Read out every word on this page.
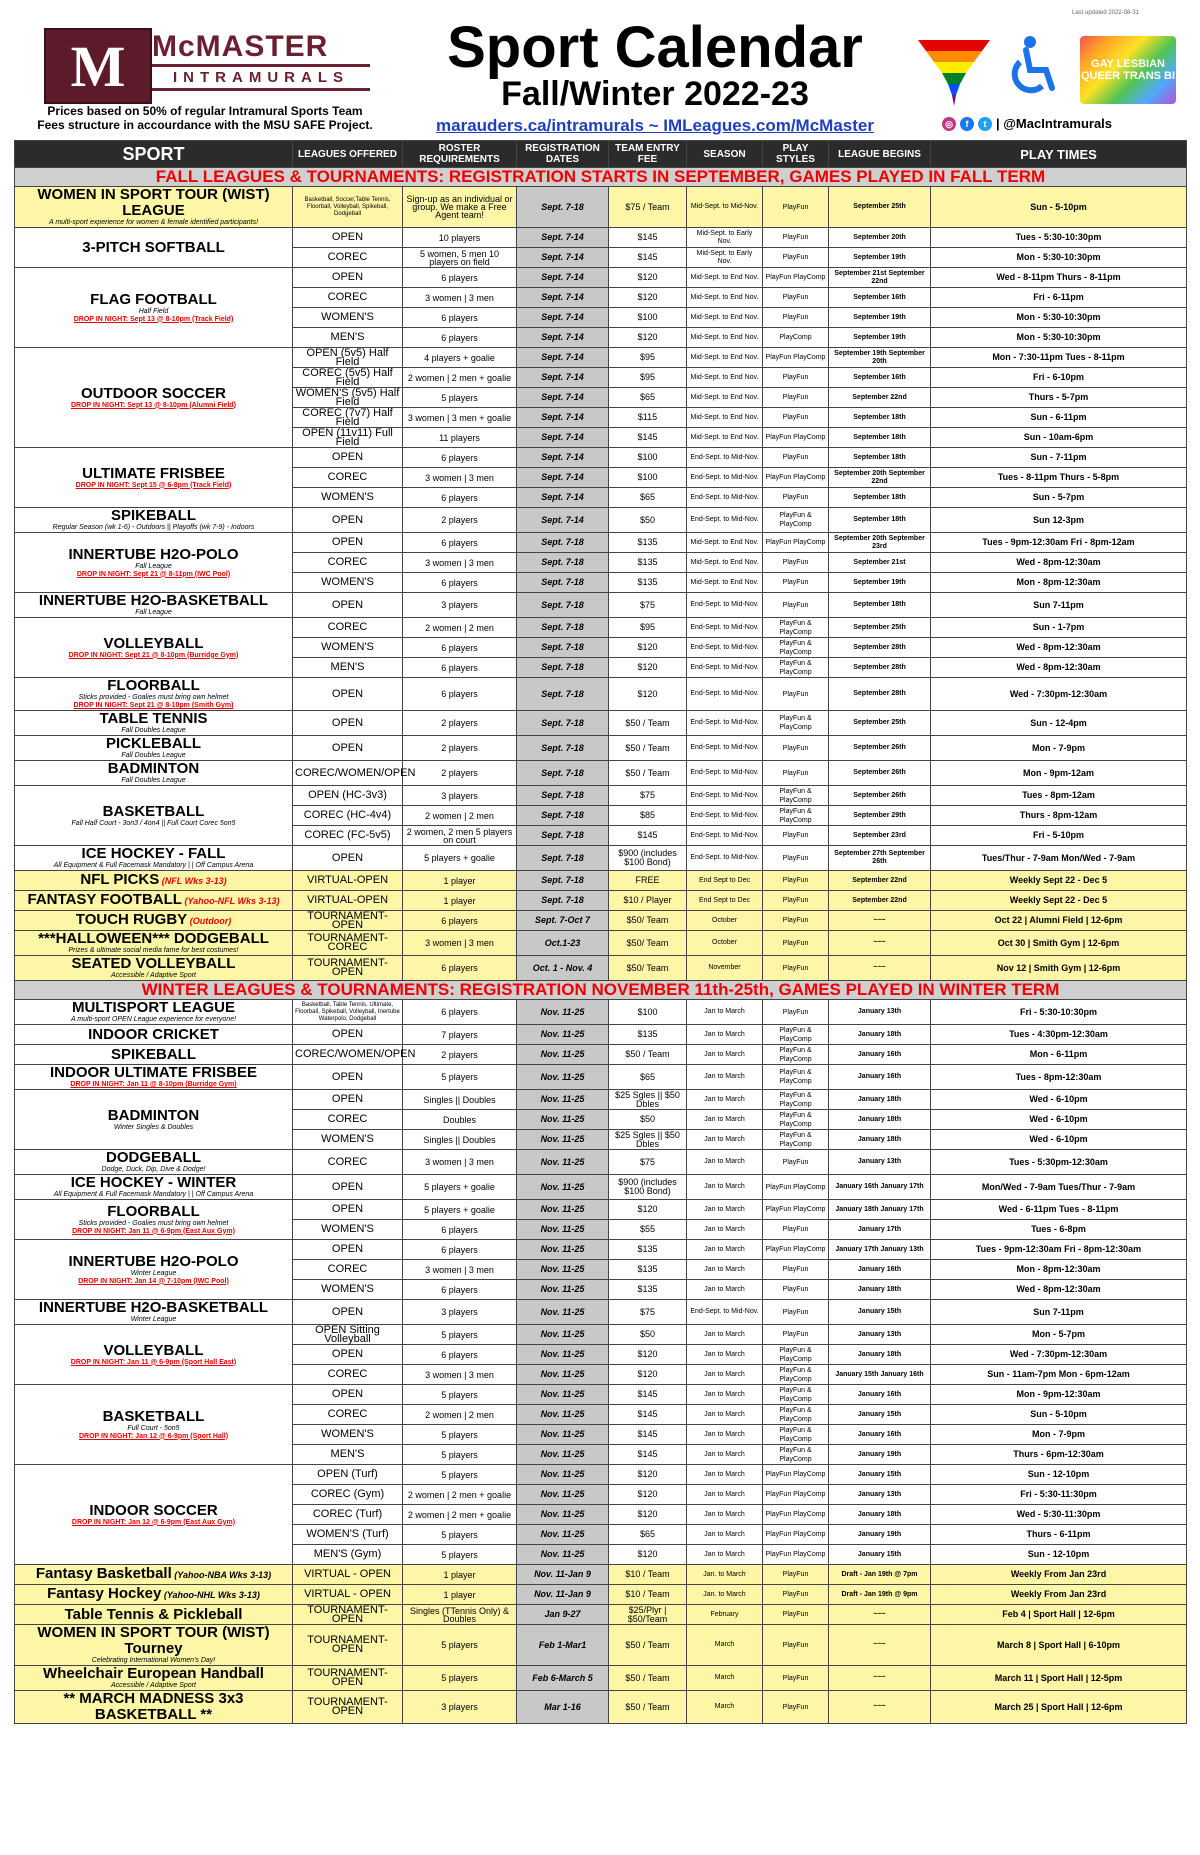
M McMASTER
INTRAMURALS
Prices based on 50% of regular Intramural Sports Team Fees structure in accourdance with the MSU SAFE Project.
Sport Calendar
Fall/Winter 2022-23
marauders.ca/intramurals ~ IMLeagues.com/McMaster
Last updated 2022-08-31
GAY LESBIAN QUEER TRANS BI
◎	f	t | @MacIntramurals
SPORT	LEAGUES OFFERED	ROSTER REQUIREMENTS	REGISTRATION DATES	TEAM ENTRY FEE	SEASON	PLAY STYLES	LEAGUE BEGINS	PLAY TIMES
FALL LEAGUES & TOURNAMENTS: REGISTRATION STARTS IN SEPTEMBER, GAMES PLAYED IN FALL TERM								
WOMEN IN SPORT TOUR (WIST) LEAGUE
A multi-sport experience for women & female identified participants!	Basketball, Soccer,Table Tennis, Floorball, Volleyball, Spikeball, Dodgeball	Sign-up as an individual or group. We make a Free Agent team!	Sept. 7-18	$75 / Team	Mid-Sept. to Mid-Nov.	PlayFun	September 25th	Sun - 5-10pm
3-PITCH SOFTBALL	OPEN	10 players	Sept. 7-14	$145	Mid-Sept. to Early Nov.	PlayFun	September 20th	Tues - 5:30-10:30pm
	COREC	5 women, 5 men 10 players on field	Sept. 7-14	$145	Mid-Sept. to Early Nov.	PlayFun	September 19th	Mon - 5:30-10:30pm
FLAG FOOTBALL
Half Field
DROP IN NIGHT: Sept 13 @ 8-10pm (Track Field)	OPEN	6 players	Sept. 7-14	$120	Mid-Sept. to End Nov.	PlayFun PlayComp	September 21st September 22nd	Wed - 8-11pm Thurs - 8-11pm
	COREC	3 women | 3 men	Sept. 7-14	$120	Mid-Sept. to End Nov.	PlayFun	September 16th	Fri - 6-11pm
	WOMEN'S	6 players	Sept. 7-14	$100	Mid-Sept. to End Nov.	PlayFun	September 19th	Mon - 5:30-10:30pm
	MEN'S	6 players	Sept. 7-14	$120	Mid-Sept. to End Nov.	PlayComp	September 19th	Mon - 5:30-10:30pm
OUTDOOR SOCCER
DROP IN NIGHT: Sept 13 @ 8-10pm (Alumni Field)	OPEN (5v5) Half Field	4 players + goalie	Sept. 7-14	$95	Mid-Sept. to End Nov.	PlayFun PlayComp	September 19th September 20th	Mon - 7:30-11pm Tues - 8-11pm
	COREC (5v5) Half Field	2 women | 2 men + goalie	Sept. 7-14	$95	Mid-Sept. to End Nov.	PlayFun	September 16th	Fri - 6-10pm
	WOMEN'S (5v5) Half Field	5 players	Sept. 7-14	$65	Mid-Sept. to End Nov.	PlayFun	September 22nd	Thurs - 5-7pm
	COREC (7v7) Half Field	3 women | 3 men + goalie	Sept. 7-14	$115	Mid-Sept. to End Nov.	PlayFun	September 18th	Sun - 6-11pm
	OPEN (11v11) Full Field	11 players	Sept. 7-14	$145	Mid-Sept. to End Nov.	PlayFun PlayComp	September 18th	Sun - 10am-6pm
ULTIMATE FRISBEE
DROP IN NIGHT: Sept 15 @ 6-8pm (Track Field)	OPEN	6 players	Sept. 7-14	$100	End-Sept. to Mid-Nov.	PlayFun	September 18th	Sun - 7-11pm
	COREC	3 women | 3 men	Sept. 7-14	$100	End-Sept. to Mid-Nov.	PlayFun PlayComp	September 20th September 22nd	Tues - 8-11pm Thurs - 5-8pm
	WOMEN'S	6 players	Sept. 7-14	$65	End-Sept. to Mid-Nov.	PlayFun	September 18th	Sun - 5-7pm
SPIKEBALL
Regular Season (wk 1-6) - Outdoors || Playoffs (wk 7-9) - Indoors	OPEN	2 players	Sept. 7-14	$50	End-Sept. to Mid-Nov.	PlayFun & PlayComp	September 18th	Sun 12-3pm
INNERTUBE H2O-POLO
Fall League
DROP IN NIGHT: Sept 21 @ 8-11pm (IWC Pool)	OPEN	6 players	Sept. 7-18	$135	Mid-Sept. to End Nov.	PlayFun PlayComp	September 20th September 23rd	Tues - 9pm-12:30am Fri - 8pm-12am
	COREC	3 women | 3 men	Sept. 7-18	$135	Mid-Sept. to End Nov.	PlayFun	September 21st	Wed - 8pm-12:30am
	WOMEN'S	6 players	Sept. 7-18	$135	Mid-Sept. to End Nov.	PlayFun	September 19th	Mon - 8pm-12:30am
INNERTUBE H2O-BASKETBALL
Fall League	OPEN	3 players	Sept. 7-18	$75	End-Sept. to Mid-Nov.	PlayFun	September 18th	Sun 7-11pm
VOLLEYBALL
DROP IN NIGHT: Sept 21 @ 8-10pm (Burridge Gym)	COREC	2 women | 2 men	Sept. 7-18	$95	End-Sept. to Mid-Nov.	PlayFun & PlayComp	September 25th	Sun - 1-7pm
	WOMEN'S	6 players	Sept. 7-18	$120	End-Sept. to Mid-Nov.	PlayFun & PlayComp	September 28th	Wed - 8pm-12:30am
	MEN'S	6 players	Sept. 7-18	$120	End-Sept. to Mid-Nov.	PlayFun & PlayComp	September 28th	Wed - 8pm-12:30am
FLOORBALL
Sticks provided - Goalies must bring own helmet
DROP IN NIGHT: Sept 21 @ 8-10pm (Smith Gym)	OPEN	6 players	Sept. 7-18	$120	End-Sept. to Mid-Nov.	PlayFun	September 28th	Wed - 7:30pm-12:30am
TABLE TENNIS
Fall Doubles League	OPEN	2 players	Sept. 7-18	$50 / Team	End-Sept. to Mid-Nov.	PlayFun & PlayComp	September 25th	Sun - 12-4pm
PICKLEBALL
Fall Doubles League	OPEN	2 players	Sept. 7-18	$50 / Team	End-Sept. to Mid-Nov.	PlayFun	September 26th	Mon - 7-9pm
BADMINTON
Fall Doubles League	COREC/WOMEN/OPEN	2 players	Sept. 7-18	$50 / Team	End-Sept. to Mid-Nov.	PlayFun	September 26th	Mon - 9pm-12am
BASKETBALL
Fall Half Court - 3on3 / 4on4 || Full Court Corec 5on5	OPEN (HC-3v3)	3 players	Sept. 7-18	$75	End-Sept. to Mid-Nov.	PlayFun & PlayComp	September 26th	Tues - 8pm-12am
	COREC (HC-4v4)	2 women | 2 men	Sept. 7-18	$85	End-Sept. to Mid-Nov.	PlayFun & PlayComp	September 29th	Thurs - 8pm-12am
	COREC (FC-5v5)	2 women, 2 men 5 players on court	Sept. 7-18	$145	End-Sept. to Mid-Nov.	PlayFun	September 23rd	Fri - 5-10pm
ICE HOCKEY - FALL
All Equipment & Full Facemask Mandatory | | Off Campus Arena	OPEN	5 players + goalie	Sept. 7-18	$900 (includes $100 Bond)	End-Sept. to Mid-Nov.	PlayFun	September 27th September 26th	Tues/Thur - 7-9am Mon/Wed - 7-9am
NFL PICKS (NFL Wks 3-13)	VIRTUAL-OPEN	1 player	Sept. 7-18	FREE	End Sept to Dec	PlayFun	September 22nd	Weekly Sept 22 - Dec 5
FANTASY FOOTBALL (Yahoo-NFL Wks 3-13)	VIRTUAL-OPEN	1 player	Sept. 7-18	$10 / Player	End Sept to Dec	PlayFun	September 22nd	Weekly Sept 22 - Dec 5
TOUCH RUGBY (Outdoor)	TOURNAMENT-OPEN	6 players	Sept. 7-Oct 7	$50/ Team	October	PlayFun	~~~	Oct 22 | Alumni Field | 12-6pm
***HALLOWEEN*** DODGEBALL
Prizes & ultimate social media fame for best costumes!	TOURNAMENT-COREC	3 women | 3 men	Oct.1-23	$50/ Team	October	PlayFun	~~~	Oct 30 | Smith Gym | 12-6pm
SEATED VOLLEYBALL
Accessible / Adaptive Sport	TOURNAMENT-OPEN	6 players	Oct. 1 - Nov. 4	$50/ Team	November	PlayFun	~~~	Nov 12 | Smith Gym | 12-6pm
WINTER LEAGUES & TOURNAMENTS: REGISTRATION NOVEMBER 11th-25th, GAMES PLAYED IN WINTER TERM								
MULTISPORT LEAGUE
A multi-sport OPEN League experience for everyone!	Basketball, Table Tennis, Ultimate, Floorball, Spikeball, Volleyball, Inertube Waterpolo, Dodgeball	6 players	Nov. 11-25	$100	Jan to March	PlayFun	January 13th	Fri - 5:30-10:30pm
INDOOR CRICKET	OPEN	7 players	Nov. 11-25	$135	Jan to March	PlayFun & PlayComp	January 18th	Tues - 4:30pm-12:30am
SPIKEBALL	COREC/WOMEN/OPEN	2 players	Nov. 11-25	$50 / Team	Jan to March	PlayFun & PlayComp	January 16th	Mon - 6-11pm
INDOOR ULTIMATE FRISBEE
DROP IN NIGHT: Jan 11 @ 8-10pm (Burridge Gym)	OPEN	5 players	Nov. 11-25	$65	Jan to March	PlayFun & PlayComp	January 16th	Tues - 8pm-12:30am
BADMINTON
Winter Singles & Doubles	OPEN	Singles || Doubles	Nov. 11-25	$25 Sgles || $50 Dbles	Jan to March	PlayFun & PlayComp	January 18th	Wed - 6-10pm
	COREC	Doubles	Nov. 11-25	$50	Jan to March	PlayFun & PlayComp	January 18th	Wed - 6-10pm
	WOMEN'S	Singles || Doubles	Nov. 11-25	$25 Sgles || $50 Dbles	Jan to March	PlayFun & PlayComp	January 18th	Wed - 6-10pm
DODGEBALL
Dodge, Duck, Dip, Dive & Dodge!	COREC	3 women | 3 men	Nov. 11-25	$75	Jan to March	PlayFun	January 13th	Tues - 5:30pm-12:30am
ICE HOCKEY - WINTER
All Equipment & Full Facemask Mandatory | | Off Campus Arena	OPEN	5 players + goalie	Nov. 11-25	$900 (includes $100 Bond)	Jan to March	PlayFun PlayComp	January 16th January 17th	Mon/Wed - 7-9am Tues/Thur - 7-9am
FLOORBALL
Sticks provided - Goalies must bring own helmet
DROP IN NIGHT: Jan 11 @ 6-9pm (East Aux Gym)	OPEN	5 players + goalie	Nov. 11-25	$120	Jan to March	PlayFun PlayComp	January 18th January 17th	Wed - 6-11pm Tues - 8-11pm
	WOMEN'S	6 players	Nov. 11-25	$55	Jan to March	PlayFun	January 17th	Tues - 6-8pm
INNERTUBE H2O-POLO
Winter League
DROP IN NIGHT: Jan 14 @ 7-10pm (IWC Pool)	OPEN	6 players	Nov. 11-25	$135	Jan to March	PlayFun PlayComp	January 17th January 13th	Tues - 9pm-12:30am Fri - 8pm-12:30am
	COREC	3 women | 3 men	Nov. 11-25	$135	Jan to March	PlayFun	January 16th	Mon - 8pm-12:30am
	WOMEN'S	6 players	Nov. 11-25	$135	Jan to March	PlayFun	January 18th	Wed - 8pm-12:30am
INNERTUBE H2O-BASKETBALL
Winter League	OPEN	3 players	Nov. 11-25	$75	End-Sept. to Mid-Nov.	PlayFun	January 15th	Sun 7-11pm
VOLLEYBALL
DROP IN NIGHT: Jan 11 @ 6-9pm (Sport Hall East)	OPEN Sitting Volleyball	5 players	Nov. 11-25	$50	Jan to March	PlayFun	January 13th	Mon - 5-7pm
	OPEN	6 players	Nov. 11-25	$120	Jan to March	PlayFun & PlayComp	January 18th	Wed - 7:30pm-12:30am
	COREC	3 women | 3 men	Nov. 11-25	$120	Jan to March	PlayFun & PlayComp	January 15th January 16th	Sun - 11am-7pm Mon - 6pm-12am
BASKETBALL
Full Court - 5on5
DROP IN NIGHT: Jan 12 @ 6-9pm (Sport Hall)	OPEN	5 players	Nov. 11-25	$145	Jan to March	PlayFun & PlayComp	January 16th	Mon - 9pm-12:30am
	COREC	2 women | 2 men	Nov. 11-25	$145	Jan to March	PlayFun & PlayComp	January 15th	Sun - 5-10pm
	WOMEN'S	5 players	Nov. 11-25	$145	Jan to March	PlayFun & PlayComp	January 16th	Mon - 7-9pm
	MEN'S	5 players	Nov. 11-25	$145	Jan to March	PlayFun & PlayComp	January 19th	Thurs - 6pm-12:30am
INDOOR SOCCER
DROP IN NIGHT: Jan 12 @ 6-9pm (East Aux Gym)	OPEN (Turf)	5 players	Nov. 11-25	$120	Jan to March	PlayFun PlayComp	January 15th	Sun - 12-10pm
	COREC (Gym)	2 women | 2 men + goalie	Nov. 11-25	$120	Jan to March	PlayFun PlayComp	January 13th	Fri - 5:30-11:30pm
	COREC (Turf)	2 women | 2 men + goalie	Nov. 11-25	$120	Jan to March	PlayFun PlayComp	January 18th	Wed - 5:30-11:30pm
	WOMEN'S (Turf)	5 players	Nov. 11-25	$65	Jan to March	PlayFun PlayComp	January 19th	Thurs - 6-11pm
	MEN'S (Gym)	5 players	Nov. 11-25	$120	Jan to March	PlayFun PlayComp	January 15th	Sun - 12-10pm
Fantasy Basketball (Yahoo-NBA Wks 3-13)	VIRTUAL - OPEN	1 player	Nov. 11-Jan 9	$10 / Team	Jan. to March	PlayFun	Draft - Jan 19th @ 7pm	Weekly From Jan 23rd
Fantasy Hockey (Yahoo-NHL Wks 3-13)	VIRTUAL - OPEN	1 player	Nov. 11-Jan 9	$10 / Team	Jan. to March	PlayFun	Draft - Jan 19th @ 9pm	Weekly From Jan 23rd
Table Tennis & Pickleball	TOURNAMENT-OPEN	Singles (TTennis Only) & Doubles	Jan 9-27	$25/Plyr | $50/Team	February	PlayFun	~~~	Feb 4 | Sport Hall | 12-6pm
WOMEN IN SPORT TOUR (WIST) Tourney
Celebrating International Women's Day!	TOURNAMENT-OPEN	5 players	Feb 1-Mar1	$50 / Team	March	PlayFun	~~~	March 8 | Sport Hall | 6-10pm
Wheelchair European Handball
Accessible / Adaptive Sport	TOURNAMENT-OPEN	5 players	Feb 6-March 5	$50 / Team	March	PlayFun	~~~	March 11 | Sport Hall | 12-5pm
** MARCH MADNESS 3x3 BASKETBALL **	TOURNAMENT-OPEN	3 players	Mar 1-16	$50 / Team	March	PlayFun	~~~	March 25 | Sport Hall | 12-6pm
